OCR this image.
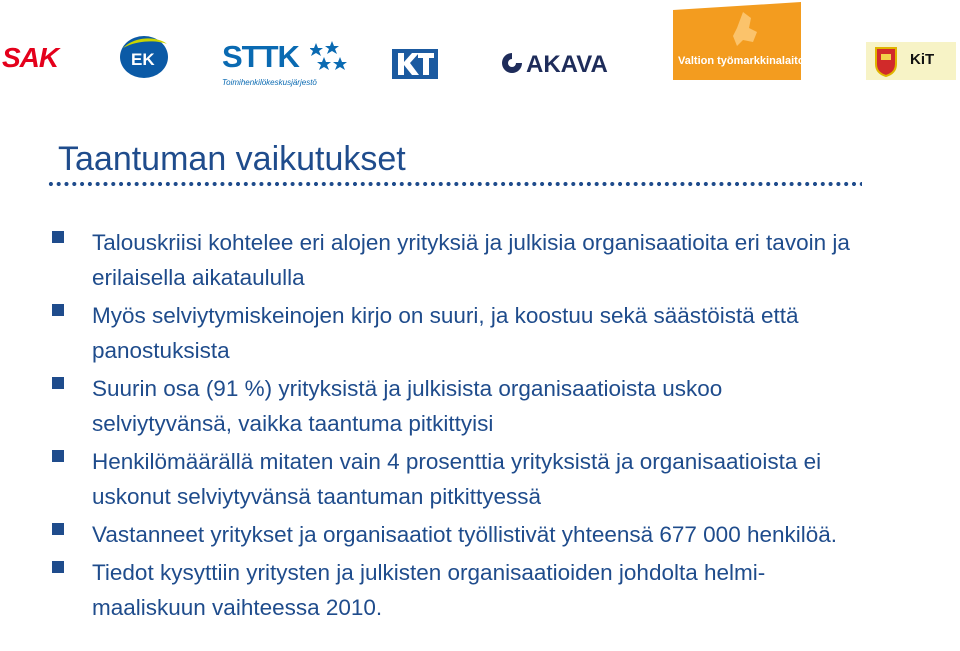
SAK	EK STTK
Toimihenkilökeskusjärjestö
AKAVA	Valtion työmarkkinalaitos	KiT
Taantuman vaikutukset
Talouskriisi kohtelee eri alojen yrityksiä ja julkisia organisaatioita eri tavoin ja erilaisella aikataululla
Myös selviytymiskeinojen kirjo on suuri, ja koostuu sekä säästöistä että panostuksista
Suurin osa (91 %) yrityksistä ja julkisista organisaatioista uskoo selviytyvänsä, vaikka taantuma pitkittyisi
Henkilömäärällä mitaten vain 4 prosenttia yrityksistä ja organisaatioista ei uskonut selviytyvänsä taantuman pitkittyessä
Vastanneet yritykset ja organisaatiot työllistivät yhteensä 677 000 henkilöä.
Tiedot kysyttiin yritysten ja julkisten organisaatioiden johdolta helmi-maaliskuun vaihteessa 2010.
